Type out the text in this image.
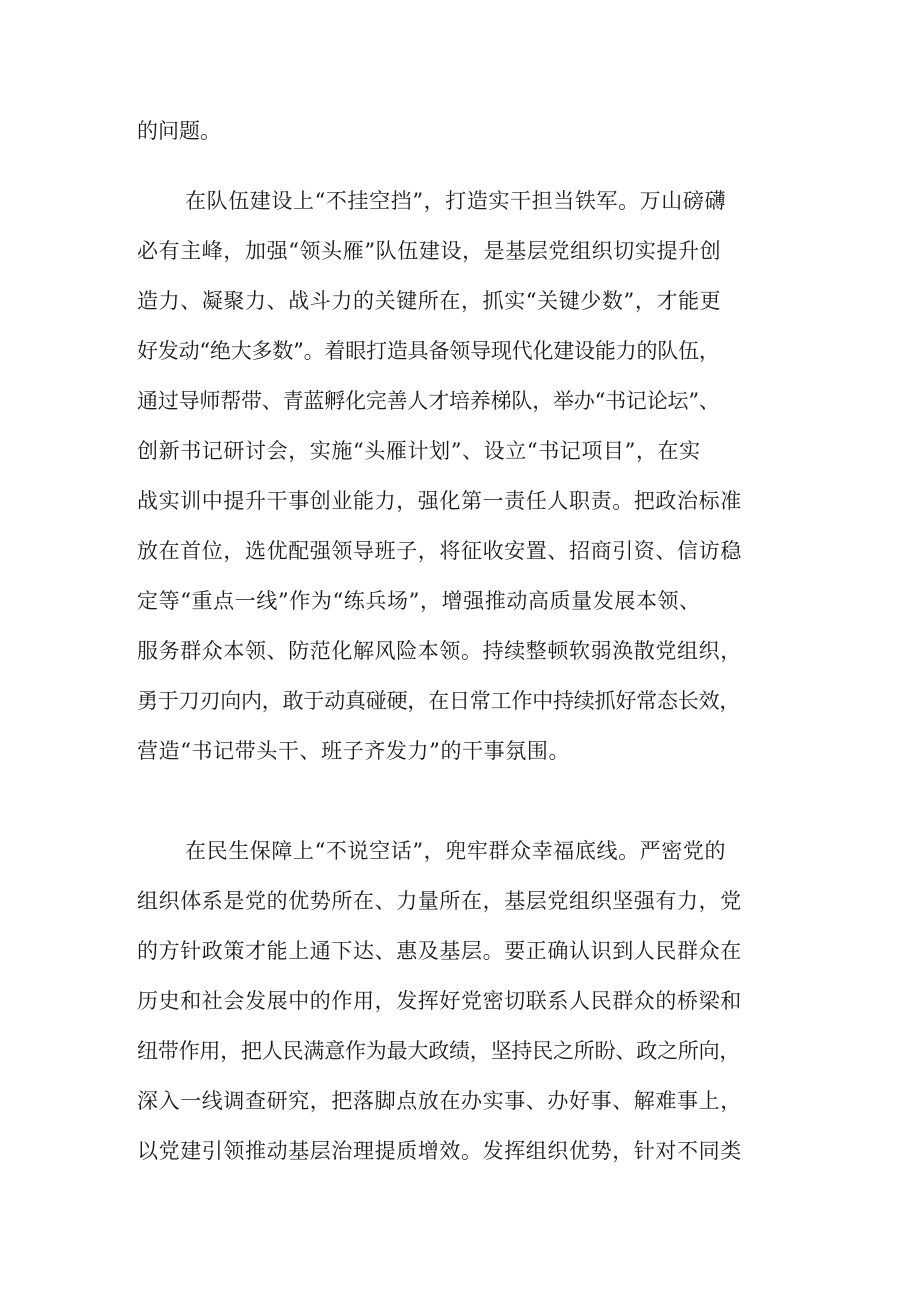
的问题。
在队伍建设上“不挂空挡”，打造实干担当铁军。万山磅礴
必有主峰，加强“领头雁”队伍建设，是基层党组织切实提升创
造力、凝聚力、战斗力的关键所在，抓实“关键少数”，才能更
好发动“绝大多数”。着眼打造具备领导现代化建设能力的队伍，
通过导师帮带、青蓝孵化完善人才培养梯队，举办“书记论坛”、
创新书记研讨会，实施“头雁计划”、设立“书记项目”，在实
战实训中提升干事创业能力，强化第一责任人职责。把政治标准
放在首位，选优配强领导班子，将征收安置、招商引资、信访稳
定等“重点一线”作为“练兵场”，增强推动高质量发展本领、
服务群众本领、防范化解风险本领。持续整顿软弱涣散党组织，
勇于刀刃向内，敢于动真碰硬，在日常工作中持续抓好常态长效，
营造“书记带头干、班子齐发力”的干事氛围。
在民生保障上“不说空话”，兜牢群众幸福底线。严密党的
组织体系是党的优势所在、力量所在，基层党组织坚强有力，党
的方针政策才能上通下达、惠及基层。要正确认识到人民群众在
历史和社会发展中的作用，发挥好党密切联系人民群众的桥梁和
纽带作用，把人民满意作为最大政绩，坚持民之所盼、政之所向，
深入一线调查研究，把落脚点放在办实事、办好事、解难事上，
以党建引领推动基层治理提质增效。发挥组织优势，针对不同类
